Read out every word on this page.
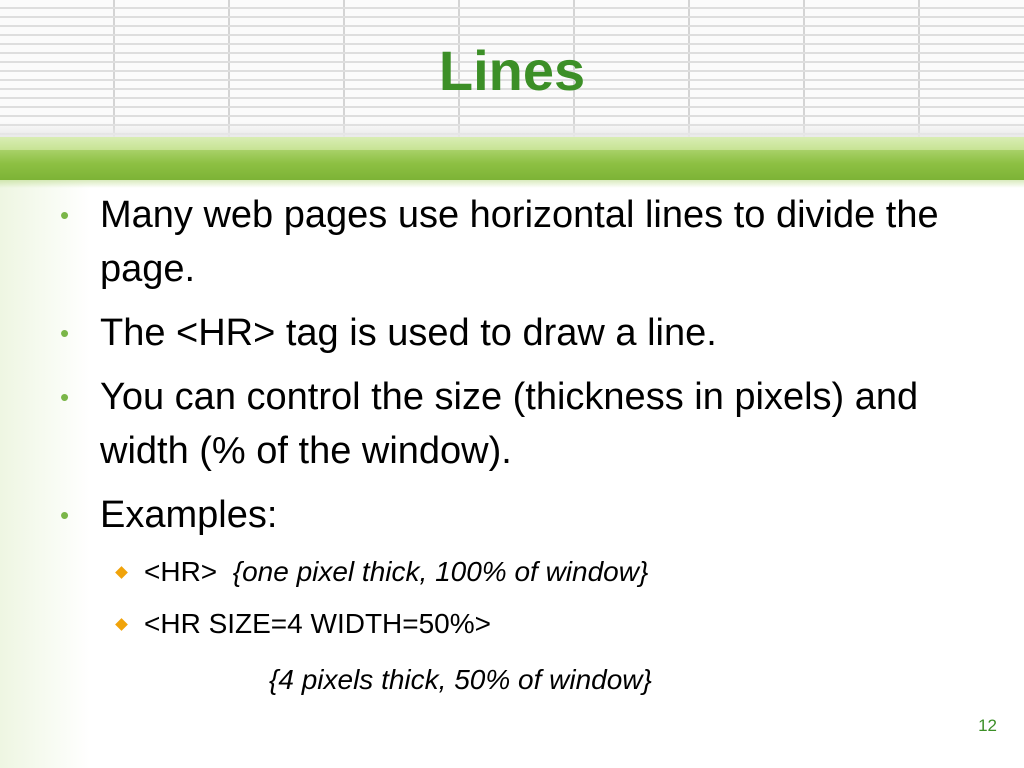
Lines
• Many web pages use horizontal lines to divide the page.
• The <HR> tag is used to draw a line.
• You can control the size (thickness in pixels) and width (% of the window).
• Examples:
<HR> {one pixel thick, 100% of window}
<HR SIZE=4 WIDTH=50%>
{4 pixels thick, 50% of window}
12
